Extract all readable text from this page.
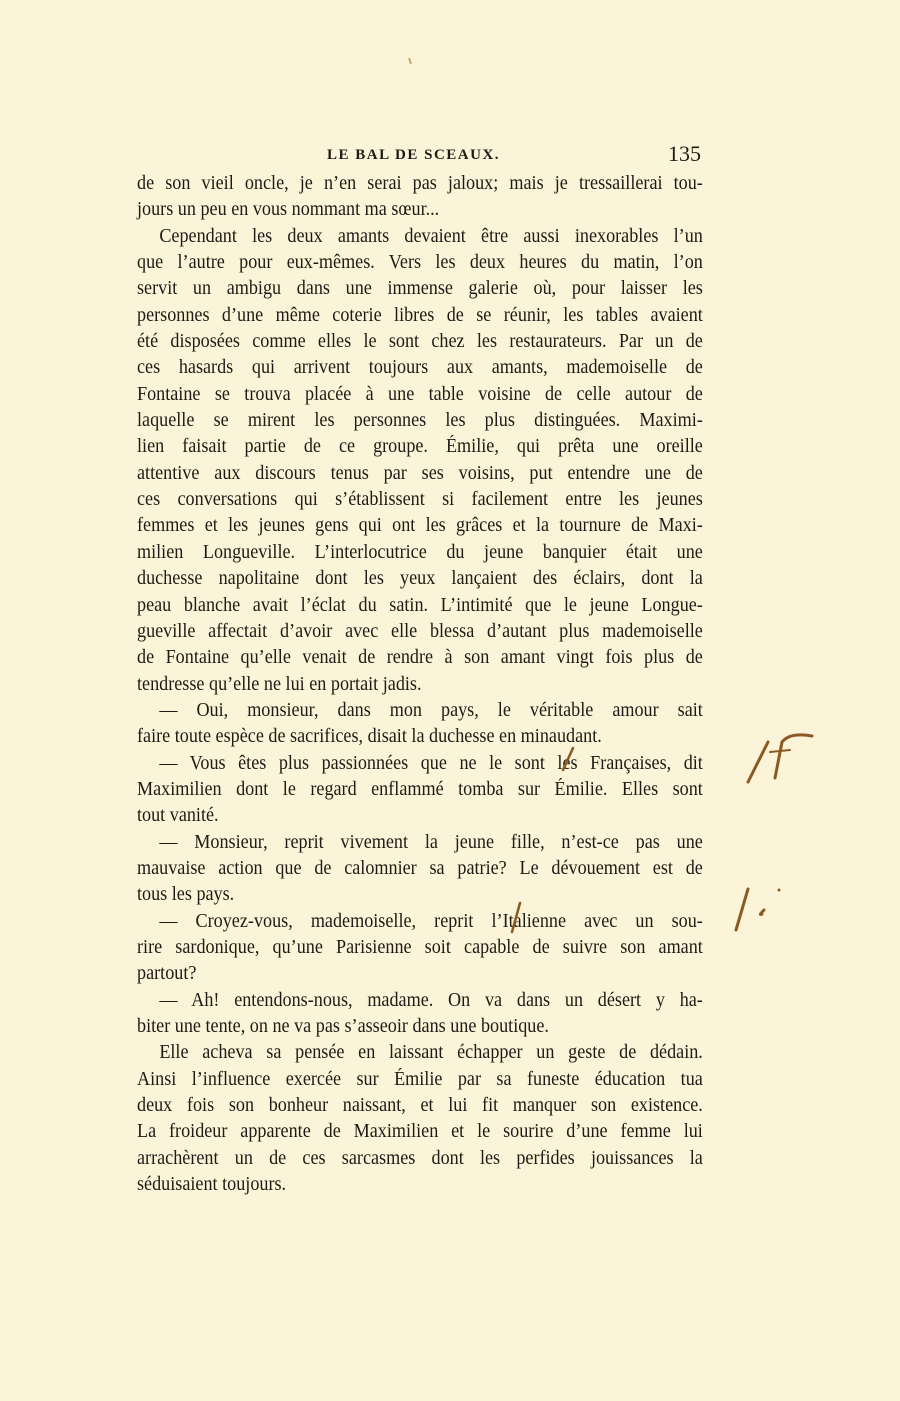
LE BAL DE SCEAUX.	135
de son vieil oncle, je n’en serai pas jaloux; mais je tressaillerai tou-
jours un peu en vous nommant ma sœur...
Cependant les deux amants devaient être aussi inexorables l’un
que l’autre pour eux-mêmes. Vers les deux heures du matin, l’on
servit un ambigu dans une immense galerie où, pour laisser les
personnes d’une même coterie libres de se réunir, les tables avaient
été disposées comme elles le sont chez les restaurateurs. Par un de
ces hasards qui arrivent toujours aux amants, mademoiselle de
Fontaine se trouva placée à une table voisine de celle autour de
laquelle se mirent les personnes les plus distinguées. Maximi-
lien faisait partie de ce groupe. Émilie, qui prêta une oreille
attentive aux discours tenus par ses voisins, put entendre une de
ces conversations qui s’établissent si facilement entre les jeunes
femmes et les jeunes gens qui ont les grâces et la tournure de Maxi-
milien Longueville. L’interlocutrice du jeune banquier était une
duchesse napolitaine dont les yeux lançaient des éclairs, dont la
peau blanche avait l’éclat du satin. L’intimité que le jeune Longue-
gueville affectait d’avoir avec elle blessa d’autant plus mademoiselle
de Fontaine qu’elle venait de rendre à son amant vingt fois plus de
tendresse qu’elle ne lui en portait jadis.
— Oui, monsieur, dans mon pays, le véritable amour sait
faire toute espèce de sacrifices, disait la duchesse en minaudant.
— Vous êtes plus passionnées que ne le sont les Françaises, dit
Maximilien dont le regard enflammé tomba sur Émilie. Elles sont
tout vanité.
— Monsieur, reprit vivement la jeune fille, n’est-ce pas une
mauvaise action que de calomnier sa patrie? Le dévouement est de
tous les pays.
— Croyez-vous, mademoiselle, reprit l’Italienne avec un sou-
rire sardonique, qu’une Parisienne soit capable de suivre son amant
partout?
— Ah! entendons-nous, madame. On va dans un désert y ha-
biter une tente, on ne va pas s’asseoir dans une boutique.
Elle acheva sa pensée en laissant échapper un geste de dédain.
Ainsi l’influence exercée sur Émilie par sa funeste éducation tua
deux fois son bonheur naissant, et lui fit manquer son existence.
La froideur apparente de Maximilien et le sourire d’une femme lui
arrachèrent un de ces sarcasmes dont les perfides jouissances la
séduisaient toujours.
